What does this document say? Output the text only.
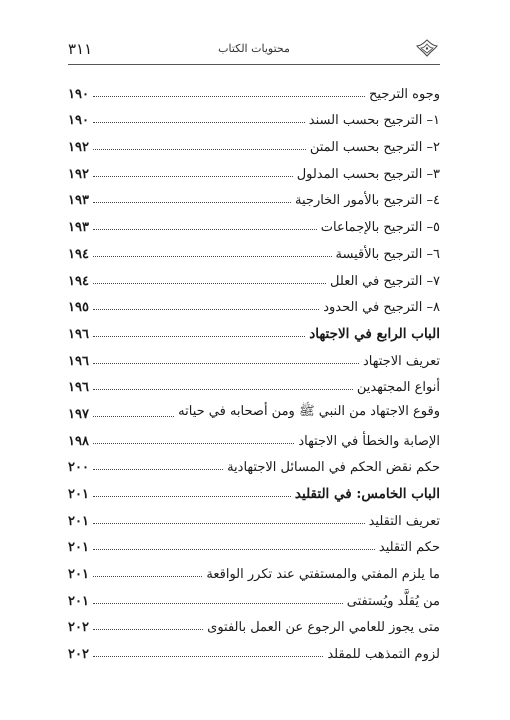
٣١١	محتويات الكتاب
وجوه الترجيح
١٩٠
١– الترجيح بحسب السند
١٩٠
٢– الترجيح بحسب المتن
١٩٢
٣– الترجيح بحسب المدلول
١٩٢
٤– الترجيح بالأمور الخارجية
١٩٣
٥– الترجيح بالإجماعات
١٩٣
٦– الترجيح بالأقيسة
١٩٤
٧– الترجيح في العلل
١٩٤
٨– الترجيح في الحدود
١٩٥
الباب الرابع في الاجتهاد
١٩٦
تعريف الاجتهاد
١٩٦
أنواع المجتهدين
١٩٦
وقوع الاجتهاد من النبي ﷺ ومن أصحابه في حياته
١٩٧
الإصابة والخطأ في الاجتهاد
١٩٨
حكم نقض الحكم في المسائل الاجتهادية
٢٠٠
الباب الخامس: في التقليد
٢٠١
تعريف التقليد
٢٠١
حكم التقليد
٢٠١
ما يلزم المفتي والمستفتي عند تكرر الواقعة
٢٠١
من يُقلَّد ويُستفتى
٢٠١
متى يجوز للعامي الرجوع عن العمل بالفتوى
٢٠٢
لزوم التمذهب للمقلد
٢٠٢
